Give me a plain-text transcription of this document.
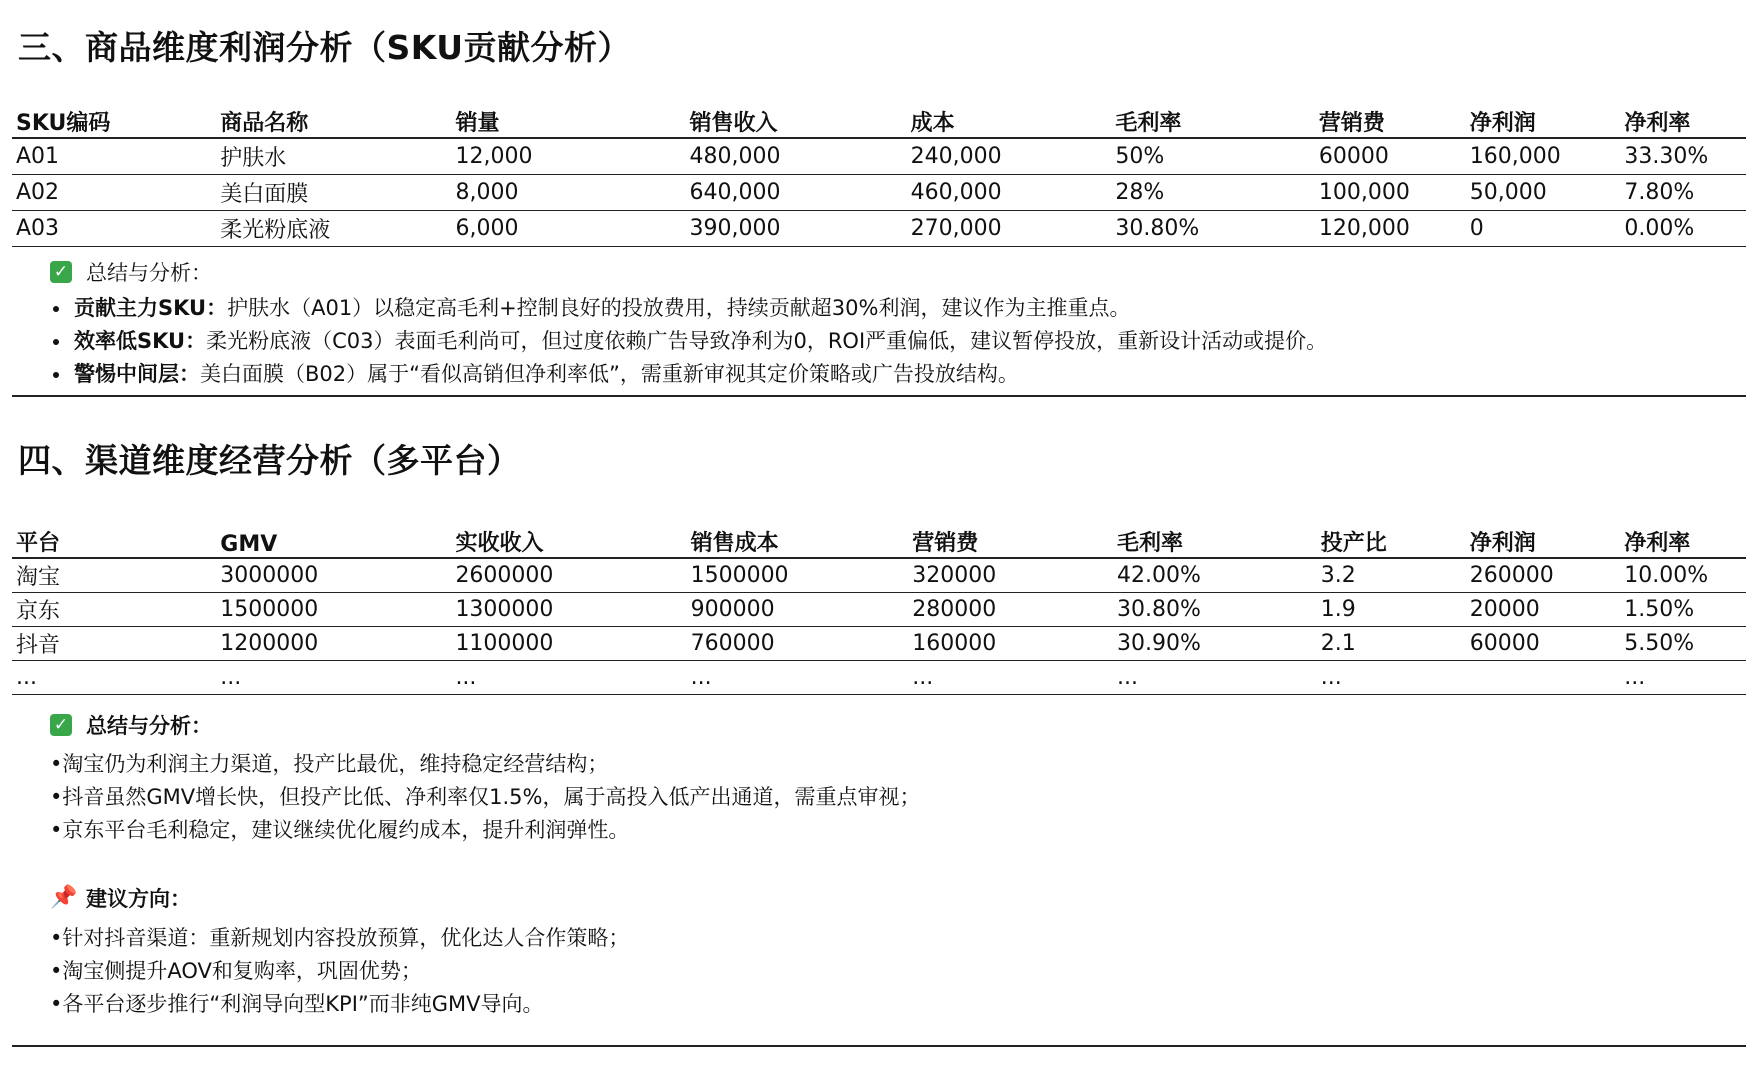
三、商品维度利润分析（SKU贡献分析）
SKU编码	商品名称	销量	销售收入	成本	毛利率	营销费	净利润	净利率
A01	护肤水	12,000	480,000	240,000	50%	60000	160,000	33.30%
A02	美白面膜	8,000	640,000	460,000	28%	100,000	50,000	7.80%
A03	柔光粉底液	6,000	390,000	270,000	30.80%	120,000	0	0.00%
✓ 总结与分析：
• 贡献主力SKU：护肤水（A01）以稳定高毛利+控制良好的投放费用，持续贡献超30%利润，建议作为主推重点。
• 效率低SKU：柔光粉底液（C03）表面毛利尚可，但过度依赖广告导致净利为0，ROI严重偏低，建议暂停投放，重新设计活动或提价。
• 警惕中间层：美白面膜（B02）属于“看似高销但净利率低”，需重新审视其定价策略或广告投放结构。
四、渠道维度经营分析（多平台）
平台	GMV	实收收入	销售成本	营销费	毛利率	投产比	净利润	净利率
淘宝	3000000	2600000	1500000	320000	42.00%	3.2	260000	10.00%
京东	1500000	1300000	900000	280000	30.80%	1.9	20000	1.50%
抖音	1200000	1100000	760000	160000	30.90%	2.1	60000	5.50%
...	...	...	...	...	...	...		...
✓ 总结与分析：
•淘宝仍为利润主力渠道，投产比最优，维持稳定经营结构；
•抖音虽然GMV增长快，但投产比低、净利率仅1.5%，属于高投入低产出通道，需重点审视；
•京东平台毛利稳定，建议继续优化履约成本，提升利润弹性。
📌 建议方向：
•针对抖音渠道：重新规划内容投放预算，优化达人合作策略；
•淘宝侧提升AOV和复购率，巩固优势；
•各平台逐步推行“利润导向型KPI”而非纯GMV导向。
